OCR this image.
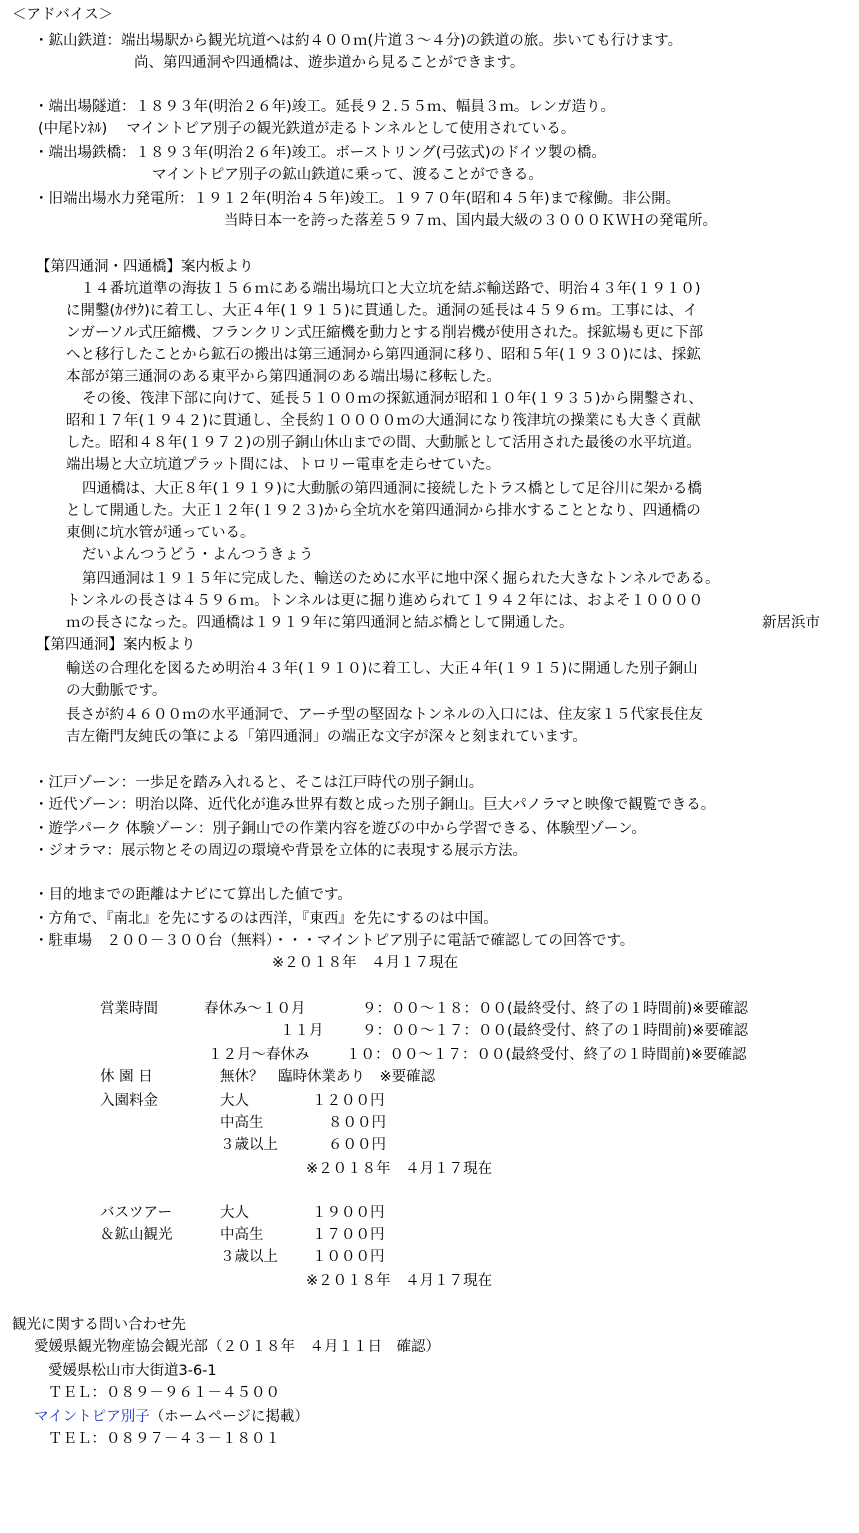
＜アドバイス＞
・鉱山鉄道：端出場駅から観光坑道へは約４００ｍ(片道３～４分)の鉄道の旅。歩いても行けます。
尚、第四通洞や四通橋は、遊歩道から見ることができます。
・端出場隧道：１８９３年(明治２６年)竣工。延長９２.５５ｍ、幅員３ｍ。レンガ造り。
(中尾ﾄﾝﾈﾙ)　 マイントピア別子の観光鉄道が走るトンネルとして使用されている。
・端出場鉄橋：１８９３年(明治２６年)竣工。ボーストリング(弓弦式)のドイツ製の橋。
マイントピア別子の鉱山鉄道に乗って、渡ることができる。
・旧端出場水力発電所：１９１２年(明治４５年)竣工。１９７０年(昭和４５年)まで稼働。非公開。
当時日本一を誇った落差５９７ｍ、国内最大級の３０００ＫＷＨの発電所。
【第四通洞・四通橋】案内板より
　１４番坑道準の海抜１５６ｍにある端出場坑口と大立坑を結ぶ輸送路で、明治４３年(１９１０)
に開鑿(ｶｲｻｸ)に着工し、大正４年(１９１５)に貫通した。通洞の延長は４５９６ｍ。工事には、イ
ンガーソル式圧縮機、フランクリン式圧縮機を動力とする削岩機が使用された。採鉱場も更に下部
へと移行したことから鉱石の搬出は第三通洞から第四通洞に移り、昭和５年(１９３０)には、採鉱
本部が第三通洞のある東平から第四通洞のある端出場に移転した。
その後、筏津下部に向けて、延長５１００ｍの探鉱通洞が昭和１０年(１９３５)から開鑿され、
昭和１７年(１９４２)に貫通し、全長約１００００ｍの大通洞になり筏津坑の操業にも大きく貢献
した。昭和４８年(１９７２)の別子銅山休山までの間、大動脈として活用された最後の水平坑道。
端出場と大立坑道プラット間には、トロリー電車を走らせていた。
四通橋は、大正８年(１９１９)に大動脈の第四通洞に接続したトラス橋として足谷川に架かる橋
として開通した。大正１２年(１９２３)から全坑水を第四通洞から排水することとなり、四通橋の
東側に坑水管が通っている。
だいよんつうどう・よんつうきょう
第四通洞は１９１５年に完成した、輸送のために水平に地中深く掘られた大きなトンネルである。
トンネルの長さは４５９６ｍ。トンネルは更に掘り進められて１９４２年には、およそ１００００
ｍの長さになった。四通橋は１９１９年に第四通洞と結ぶ橋として開通した。	新居浜市
【第四通洞】案内板より
輸送の合理化を図るため明治４３年(１９１０)に着工し、大正４年(１９１５)に開通した別子銅山
の大動脈です。
長さが約４６００ｍの水平通洞で、アーチ型の堅固なトンネルの入口には、住友家１５代家長住友
吉左衛門友純氏の筆による「第四通洞」の端正な文字が深々と刻まれています。
・江戸ゾーン：一歩足を踏み入れると、そこは江戸時代の別子銅山。
・近代ゾーン：明治以降、近代化が進み世界有数と成った別子銅山。巨大パノラマと映像で観覧できる。
・遊学パーク 体験ゾーン：別子銅山での作業内容を遊びの中から学習できる、体験型ゾーン。
・ジオラマ：展示物とその周辺の環境や背景を立体的に表現する展示方法。
・目的地までの距離はナビにて算出した値です。
・方角で、『南北』を先にするのは西洋，『東西』を先にするのは中国。
・駐車場　２００－３００台（無料）・・・マイントピア別子に電話で確認しての回答です。
※２０１８年　４月１７現在
営業時間	春休み～１０月	９：００～１８：００(最終受付、終了の１時間前)※要確認
１１月	９：００～１７：００(最終受付、終了の１時間前)※要確認
１２月～春休み	１０：００～１７：００(最終受付、終了の１時間前)※要確認
休 園 日	無休？　臨時休業あり　※要確認
入園料金	大人	１２００円
中高生	８００円
３歳以上	６００円
※２０１８年　４月１７現在
バスツアー
＆鉱山観光
大人	１９００円
中高生	１７００円
３歳以上 １０００円
※２０１８年　４月１７現在
観光に関する問い合わせ先
愛媛県観光物産協会観光部（２０１８年　４月１１日　確認）
愛媛県松山市大街道3-6-1
ＴＥＬ：０８９－９６１－４５００
マイントピア別子（ホームページに掲載）
ＴＥＬ：０８９７－４３－１８０１
